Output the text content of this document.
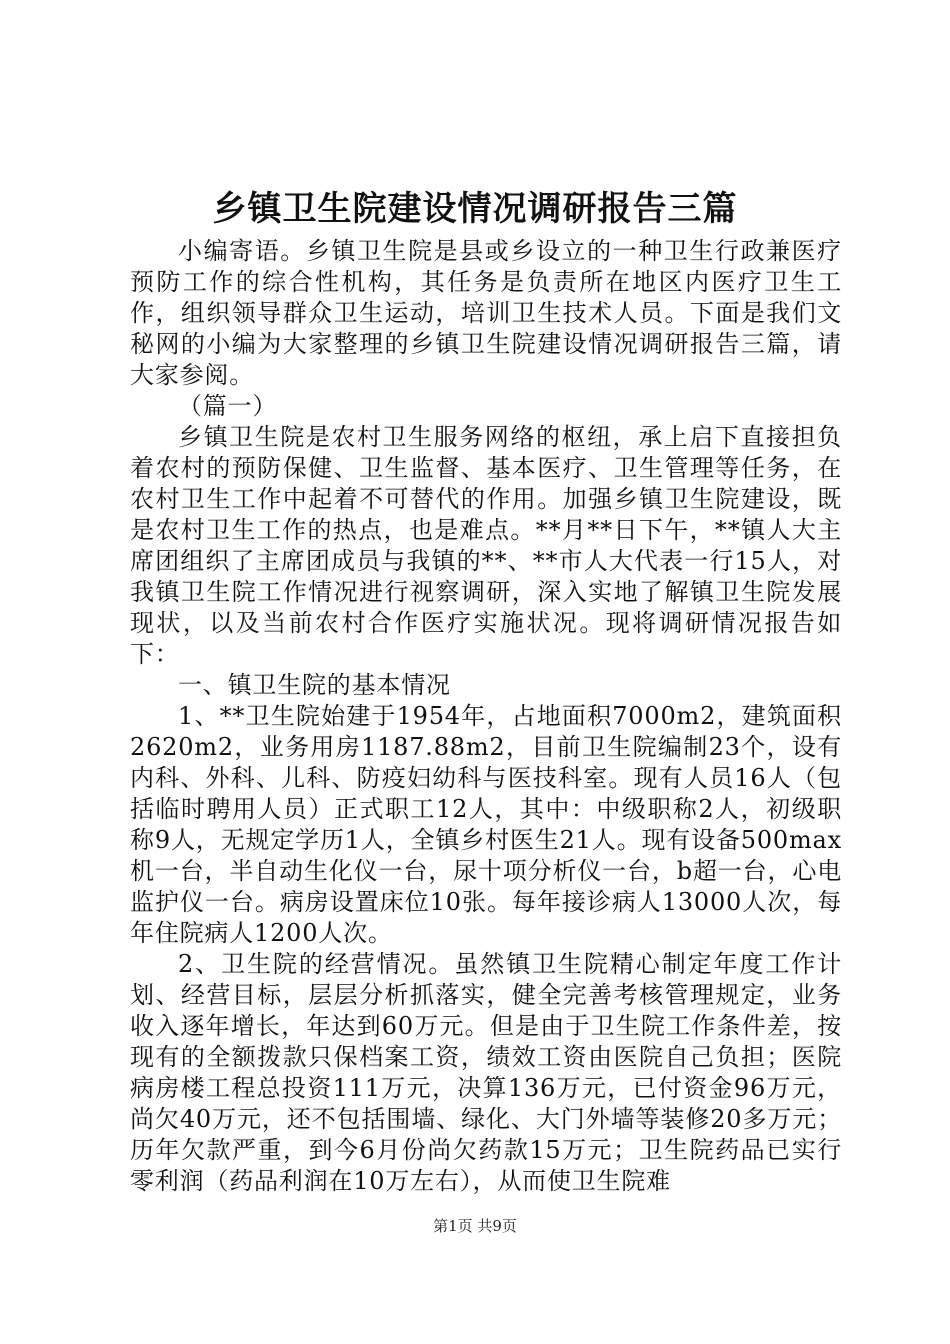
乡镇卫生院建设情况调研报告三篇

小编寄语。乡镇卫生院是县或乡设立的一种卫生行政兼医疗预防工作的综合性机构，其任务是负责所在地区内医疗卫生工作，组织领导群众卫生运动，培训卫生技术人员。下面是我们文秘网的小编为大家整理的乡镇卫生院建设情况调研报告三篇，请大家参阅。

（篇一）

乡镇卫生院是农村卫生服务网络的枢纽，承上启下直接担负着农村的预防保健、卫生监督、基本医疗、卫生管理等任务，在农村卫生工作中起着不可替代的作用。加强乡镇卫生院建设，既是农村卫生工作的热点，也是难点。**月**日下午，**镇人大主席团组织了主席团成员与我镇的**、**市人大代表一行15人，对我镇卫生院工作情况进行视察调研，深入实地了解镇卫生院发展现状，以及当前农村合作医疗实施状况。现将调研情况报告如下：

一、镇卫生院的基本情况

1、**卫生院始建于1954年，占地面积7000m2，建筑面积2620m2，业务用房1187.88m2，目前卫生院编制23个，设有内科、外科、儿科、防疫妇幼科与医技科室。现有人员16人（包括临时聘用人员）正式职工12人，其中：中级职称2人，初级职称9人，无规定学历1人，全镇乡村医生21人。现有设备500max机一台，半自动生化仪一台，尿十项分析仪一台，b超一台，心电监护仪一台。病房设置床位10张。每年接诊病人13000人次，每年住院病人1200人次。

2、卫生院的经营情况。虽然镇卫生院精心制定年度工作计划、经营目标，层层分析抓落实，健全完善考核管理规定，业务收入逐年增长，年达到60万元。但是由于卫生院工作条件差，按现有的全额拨款只保档案工资，绩效工资由医院自己负担；医院病房楼工程总投资111万元，决算136万元，已付资金96万元，尚欠40万元，还不包括围墙、绿化、大门外墙等装修20多万元；历年欠款严重，到今6月份尚欠药款15万元；卫生院药品已实行零利润（药品利润在10万左右），从而使卫生院难

第1页 共9页
